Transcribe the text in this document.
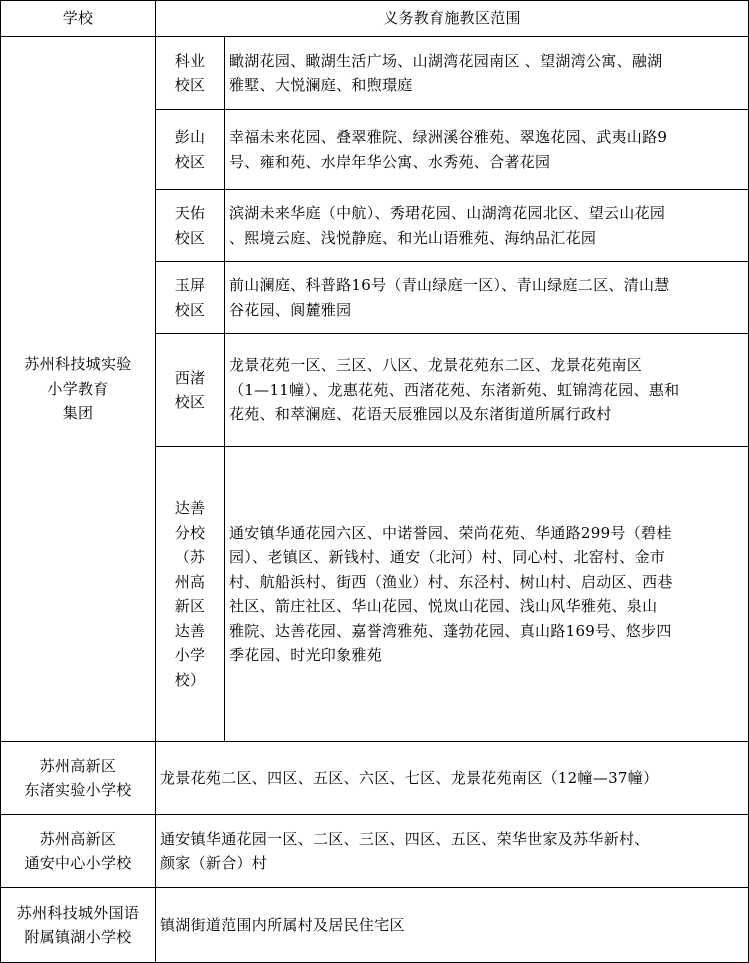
学校	义务教育施教区范围
苏州科技城实验
小学教育
集团
科业
校区
瞰湖花园、瞰湖生活广场、山湖湾花园南区 、望湖湾公寓、融湖
雅墅、大悦澜庭、和煦璟庭
彭山
校区
幸福未来花园、叠翠雅院、绿洲溪谷雅苑、翠逸花园、武夷山路9
号、雍和苑、水岸年华公寓、水秀苑、合著花园
天佑
校区
滨湖未来华庭（中航）、秀珺花园、山湖湾花园北区、望云山花园
、熙境云庭、浅悦静庭、和光山语雅苑、海纳品汇花园
玉屏
校区
前山澜庭、科普路16号（青山绿庭一区）、青山绿庭二区、清山慧
谷花园、阆麓雅园
西渚
校区
龙景花苑一区、三区、八区、龙景花苑东二区、龙景花苑南区
（1—11幢）、龙惠花苑、西渚花苑、东渚新苑、虹锦湾花园、惠和
花苑、和萃澜庭、花语天辰雅园以及东渚街道所属行政村
达善
分校
（苏
州高
新区
达善
小学
校）
通安镇华通花园六区、中诺誉园、荣尚花苑、华通路299号（碧桂
园）、老镇区、新钱村、通安（北河）村、同心村、北窑村、金市
村、航船浜村、街西（渔业）村、东泾村、树山村、启动区、西巷
社区、箭庄社区、华山花园、悦岚山花园、浅山风华雅苑、泉山
雅院、达善花园、嘉誉湾雅苑、蓬勃花园、真山路169号、悠步四
季花园、时光印象雅苑
苏州高新区
东渚实验小学校
龙景花苑二区、四区、五区、六区、七区、龙景花苑南区（12幢—37幢）
苏州高新区
通安中心小学校
通安镇华通花园一区、二区、三区、四区、五区、荣华世家及苏华新村、
颜家（新合）村
苏州科技城外国语
附属镇湖小学校
镇湖街道范围内所属村及居民住宅区
